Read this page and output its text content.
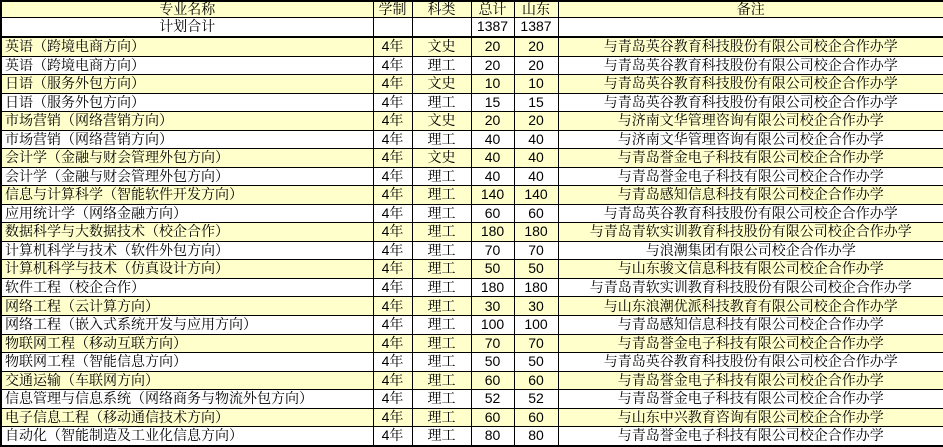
专业名称	学制	科类	总计	山东	备注
计划合计			1387	1387	
英语（跨境电商方向）	4年	文史	20	20	与青岛英谷教育科技股份有限公司校企合作办学
英语（跨境电商方向）	4年	理工	20	20	与青岛英谷教育科技股份有限公司校企合作办学
日语（服务外包方向）	4年	文史	10	10	与青岛英谷教育科技股份有限公司校企合作办学
日语（服务外包方向）	4年	理工	15	15	与青岛英谷教育科技股份有限公司校企合作办学
市场营销（网络营销方向）	4年	文史	20	20	与济南文华管理咨询有限公司校企合作办学
市场营销（网络营销方向）	4年	理工	40	40	与济南文华管理咨询有限公司校企合作办学
会计学（金融与财会管理外包方向）	4年	文史	40	40	与青岛誉金电子科技有限公司校企合作办学
会计学（金融与财会管理外包方向）	4年	理工	40	40	与青岛誉金电子科技有限公司校企合作办学
信息与计算科学（智能软件开发方向）	4年	理工	140	140	与青岛感知信息科技有限公司校企合作办学
应用统计学（网络金融方向）	4年	理工	60	60	与青岛英谷教育科技股份有限公司校企合作办学
数据科学与大数据技术（校企合作）	4年	理工	180	180	与青岛青软实训教育科技股份有限公司校企合作办学
计算机科学与技术（软件外包方向）	4年	理工	70	70	与浪潮集团有限公司校企合作办学
计算机科学与技术（仿真设计方向）	4年	理工	50	50	与山东骏文信息科技有限公司校企合作办学
软件工程（校企合作）	4年	理工	180	180	与青岛青软实训教育科技股份有限公司校企合作办学
网络工程（云计算方向）	4年	理工	30	30	与山东浪潮优派科技教育有限公司校企合作办学
网络工程（嵌入式系统开发与应用方向）	4年	理工	100	100	与青岛感知信息科技有限公司校企合作办学
物联网工程（移动互联方向）	4年	理工	70	70	与青岛誉金电子科技有限公司校企合作办学
物联网工程（智能信息方向）	4年	理工	50	50	与青岛英谷教育科技股份有限公司校企合作办学
交通运输（车联网方向）	4年	理工	60	60	与青岛誉金电子科技有限公司校企合作办学
信息管理与信息系统（网络商务与物流外包方向）	4年	理工	52	52	与青岛誉金电子科技有限公司校企合作办学
电子信息工程（移动通信技术方向）	4年	理工	60	60	与山东中兴教育咨询有限公司校企合作办学
自动化（智能制造及工业化信息方向）	4年	理工	80	80	与青岛誉金电子科技有限公司校企合作办学
